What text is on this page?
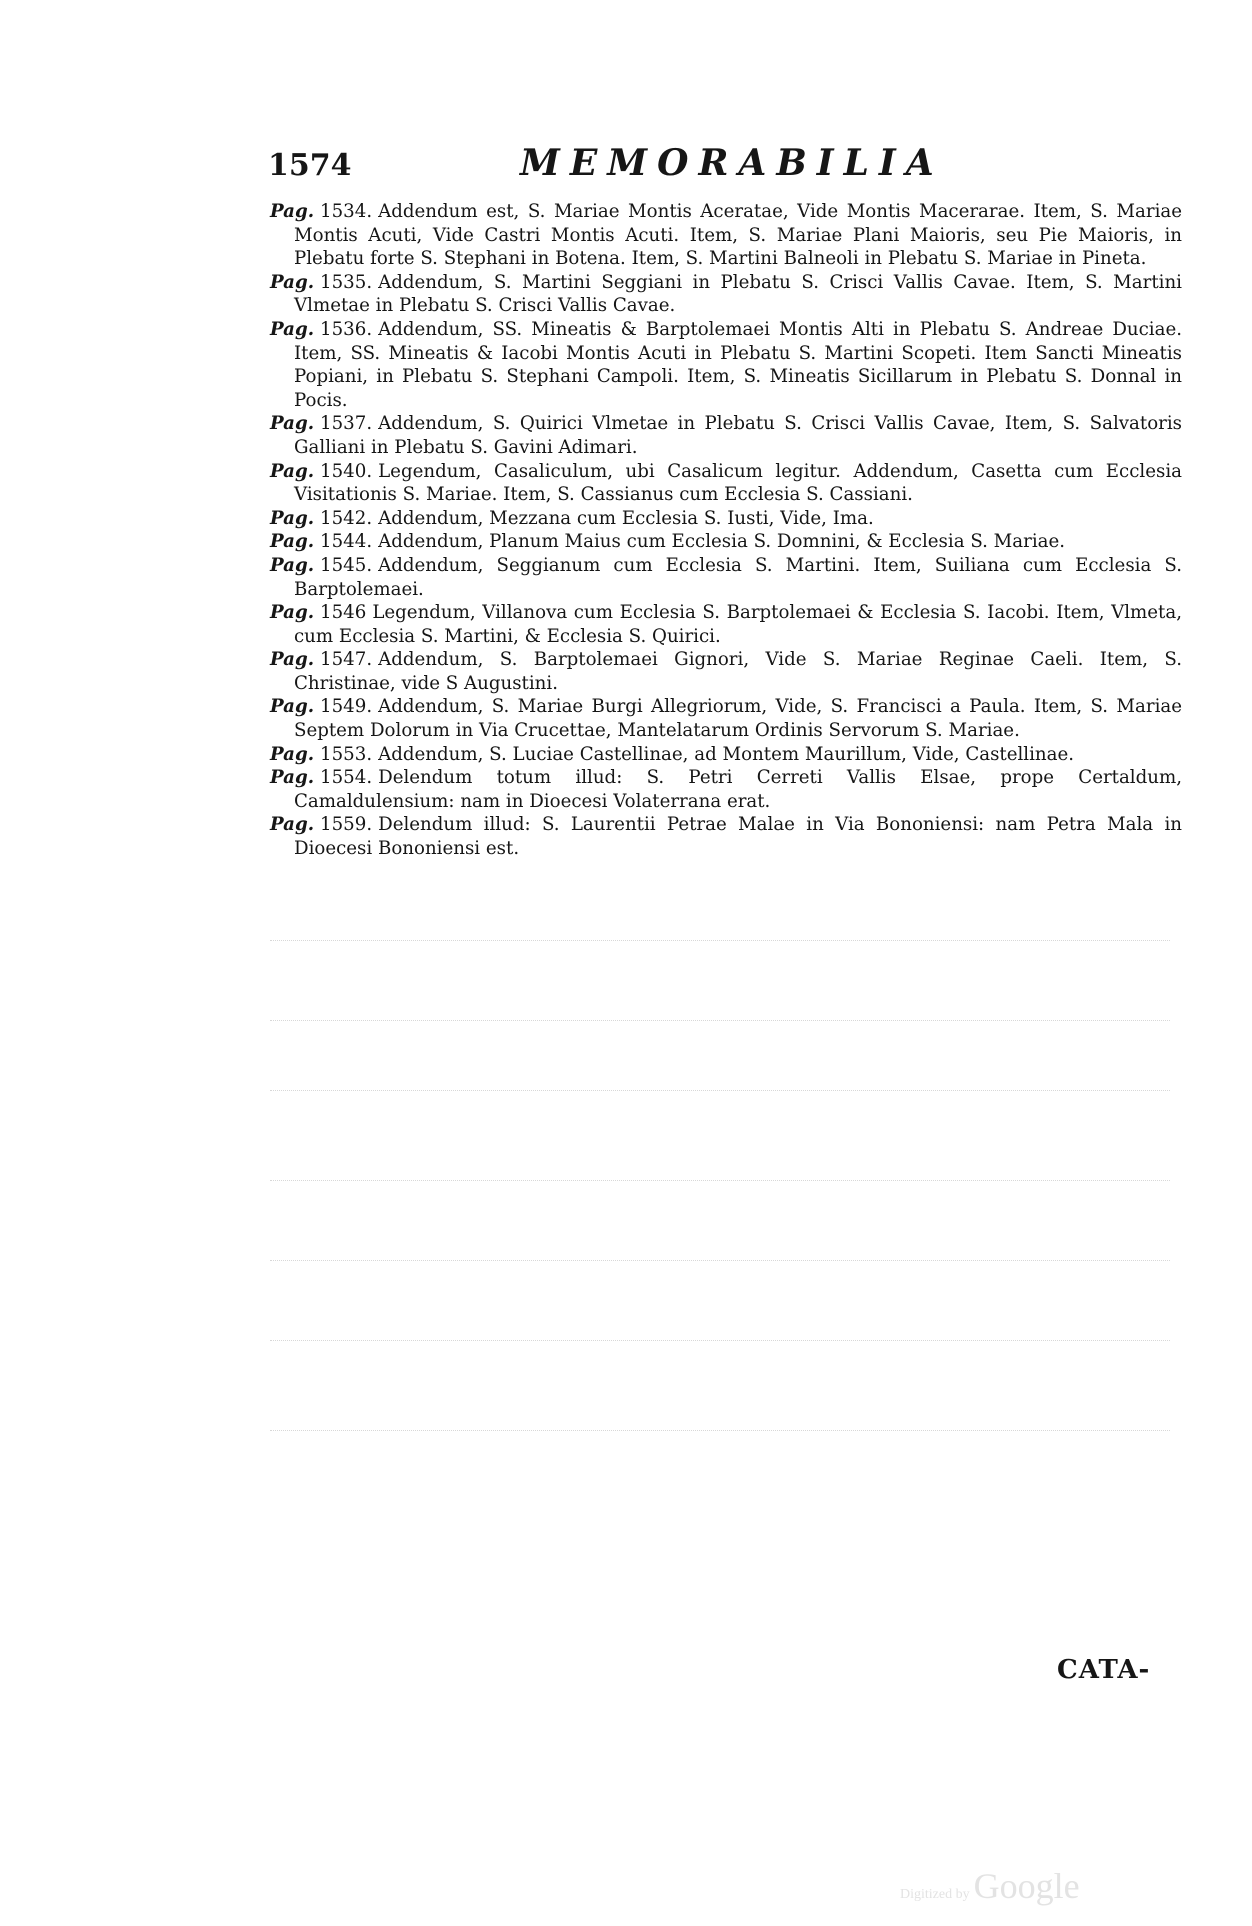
1574	MEMORABILIA

Pag. 1534. Addendum est, S. Mariae Montis Aceratae, Vide Montis Macerarae. Item, S. Mariae Montis Acuti, Vide Castri Montis Acuti. Item, S. Mariae Plani Maioris, seu Pie Maioris, in Plebatu forte S. Stephani in Botena. Item, S. Martini Balneoli in Plebatu S. Mariae in Pineta.

Pag. 1535. Addendum, S. Martini Seggiani in Plebatu S. Crisci Vallis Cavae. Item, S. Martini Vlmetae in Plebatu S. Crisci Vallis Cavae.

Pag. 1536. Addendum, SS. Mineatis & Barptolemaei Montis Alti in Plebatu S. Andreae Duciae. Item, SS. Mineatis & Iacobi Montis Acuti in Plebatu S. Martini Scopeti. Item Sancti Mineatis Popiani, in Plebatu S. Stephani Campoli. Item, S. Mineatis Sicillarum in Plebatu S. Donnal in Pocis.

Pag. 1537. Addendum, S. Quirici Vlmetae in Plebatu S. Crisci Vallis Cavae, Item, S. Salvatoris Galliani in Plebatu S. Gavini Adimari.

Pag. 1540. Legendum, Casaliculum, ubi Casalicum legitur. Addendum, Casetta cum Ecclesia Visitationis S. Mariae. Item, S. Cassianus cum Ecclesia S. Cassiani.

Pag. 1542. Addendum, Mezzana cum Ecclesia S. Iusti, Vide, Ima.

Pag. 1544. Addendum, Planum Maius cum Ecclesia S. Domnini, & Ecclesia S. Mariae.

Pag. 1545. Addendum, Seggianum cum Ecclesia S. Martini. Item, Suiliana cum Ecclesia S. Barptolemaei.

Pag. 1546 Legendum, Villanova cum Ecclesia S. Barptolemaei & Ecclesia S. Iacobi. Item, Vlmeta, cum Ecclesia S. Martini, & Ecclesia S. Quirici.

Pag. 1547. Addendum, S. Barptolemaei Gignori, Vide S. Mariae Reginae Caeli. Item, S. Christinae, vide S Augustini.

Pag. 1549. Addendum, S. Mariae Burgi Allegriorum, Vide, S. Francisci a Paula. Item, S. Mariae Septem Dolorum in Via Crucettae, Mantelatarum Ordinis Servorum S. Mariae.

Pag. 1553. Addendum, S. Luciae Castellinae, ad Montem Maurillum, Vide, Castellinae.

Pag. 1554. Delendum totum illud: S. Petri Cerreti Vallis Elsae, prope Certaldum, Camaldulensium: nam in Dioecesi Volaterrana erat.

Pag. 1559. Delendum illud: S. Laurentii Petrae Malae in Via Bononiensi: nam Petra Mala in Dioecesi Bononiensi est.

CATA-
Digitized by Google
